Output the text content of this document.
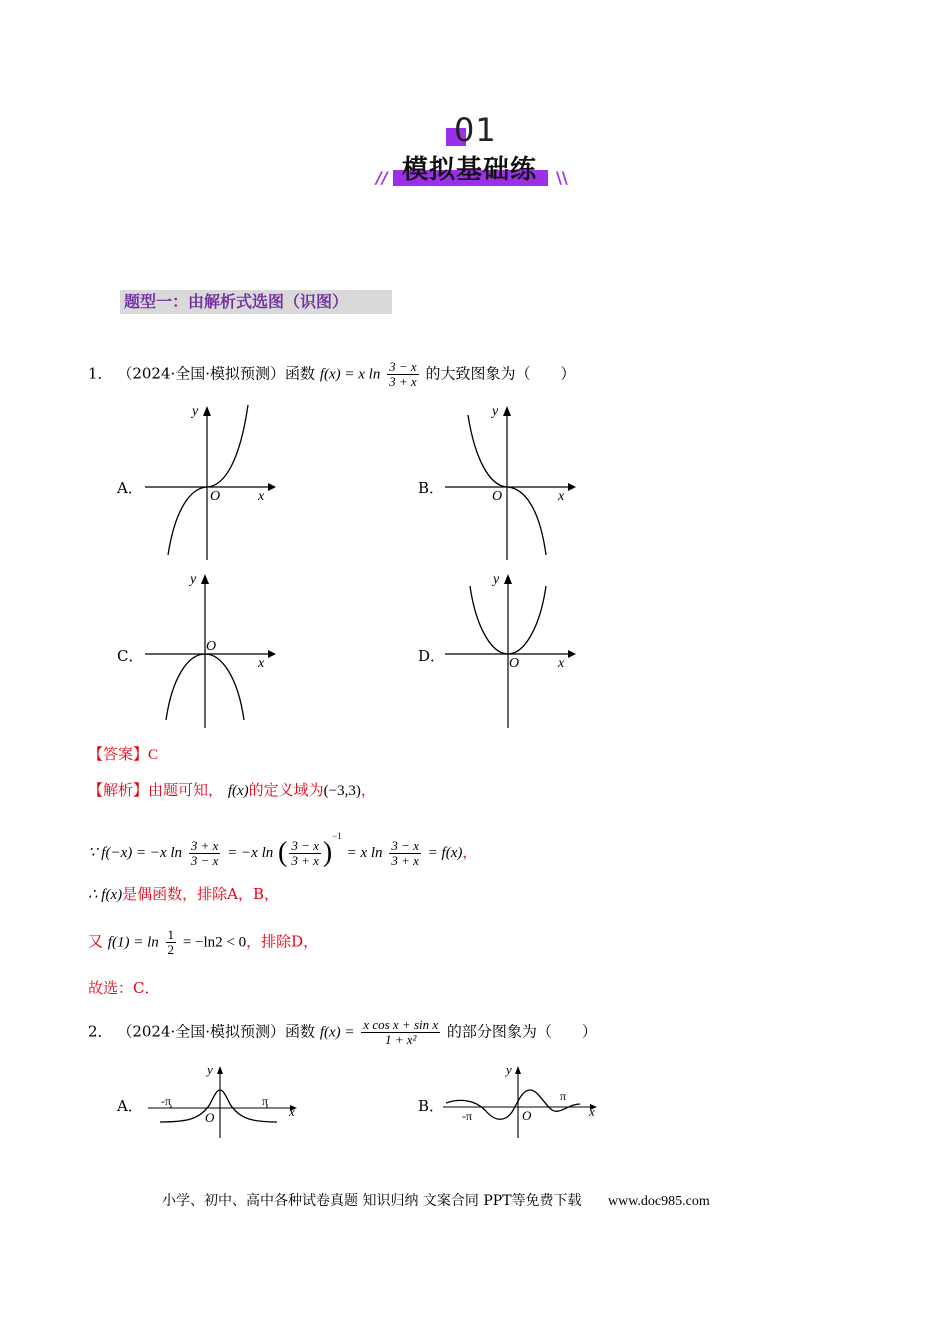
01
模拟基础练
//	\\
题型一：由解析式选图（识图）
1． （2024·全国·模拟预测）函数 f(x) = x $\ln \frac{3 - x}{3 + x}$ 的大致图象为（　　）
A．	B．
C．	D．
y
x
O
y
x
O
y
x
O
y
x
O
【答案】C
【解析】由题可知， f(x)的定义域为(−3,3)，
∵ f(−x) = −x $\ln \frac{3 + x}{3 - x} = -x$ ln ( $\frac{3 - x}{3 + x} )^{-1} = x$ $\ln \frac{3 - x}{3 + x} = f(x)$，
∴ f(x)是偶函数，排除A，B，
又 $f(1) = \ln \frac{1}{2} = -\ln 2 < 0$，排除D，
故选：C．
2． （2024·全国·模拟预测）函数 $f(x) = \frac{\text{x cos x + sin x}}{\text{1 + x²}}$ 的部分图象为（　　）
A．	B．
-π	π
y
x
O	-π
π
y
x
O
小学、初中、高中各种试卷真题 知识归纳 文案合同 PPT等免费下载 www.doc985.com
